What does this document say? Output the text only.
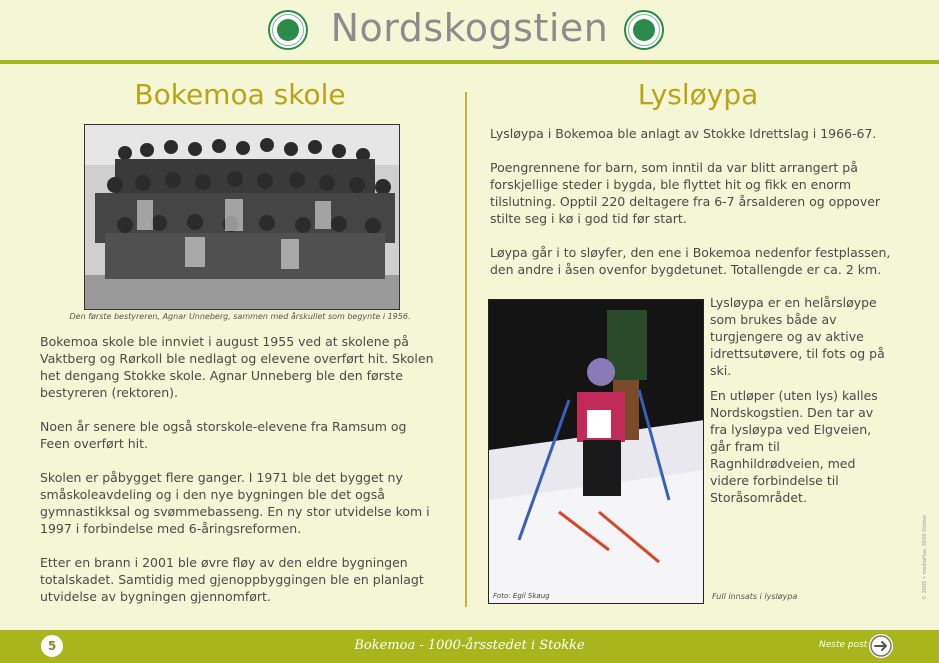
Nordskogstien
Bokemoa skole
Den første bestyreren, Agnar Unneberg, sammen med årskullet som begynte i 1956.

Bokemoa skole ble innviet i august 1955 ved at skolene på Vaktberg og Rørkoll ble nedlagt og elevene overført hit. Skolen het dengang Stokke skole. Agnar Unneberg ble den første bestyreren (rektoren).

Noen år senere ble også storskole-elevene fra Ramsum og Feen overført hit.

Skolen er påbygget flere ganger. I 1971 ble det bygget ny småskoleavdeling og i den nye bygningen ble det også gymnastikksal og svømmebasseng. En ny stor utvidelse kom i 1997 i forbindelse med 6-åringsreformen.

Etter en brann i 2001 ble øvre fløy av den eldre bygningen totalskadet. Samtidig med gjenoppbyggingen ble en planlagt utvidelse av bygningen gjennomført.

Lysløypa

Lysløypa i Bokemoa ble anlagt av Stokke Idrettslag i 1966-67.

Poengrennene for barn, som inntil da var blitt arrangert på forskjellige steder i bygda, ble flyttet hit og fikk en enorm tilslutning. Opptil 220 deltagere fra 6-7 årsalderen og oppover stilte seg i kø i god tid før start.

Løypa går i to sløyfer, den ene i Bokemoa nedenfor festplassen, den andre i åsen ovenfor bygdetunet. Totallengde er ca. 2 km.

Foto: Egil Skaug

Lysløypa er en helårsløype som brukes både av turgjengere og av aktive idrettsutøvere, til fots og på ski.

En utløper (uten lys) kalles Nordskogstien. Den tar av fra lysløypa ved Elgveien, går fram til Ragnhildrødveien, med videre forbindelse til Storåsområdet.

Full innsats i lysløypa	© 2005 • mediaHus, 3820 Stokke
5	Bokemoa - 1000-årsstedet i Stokke	Neste post
